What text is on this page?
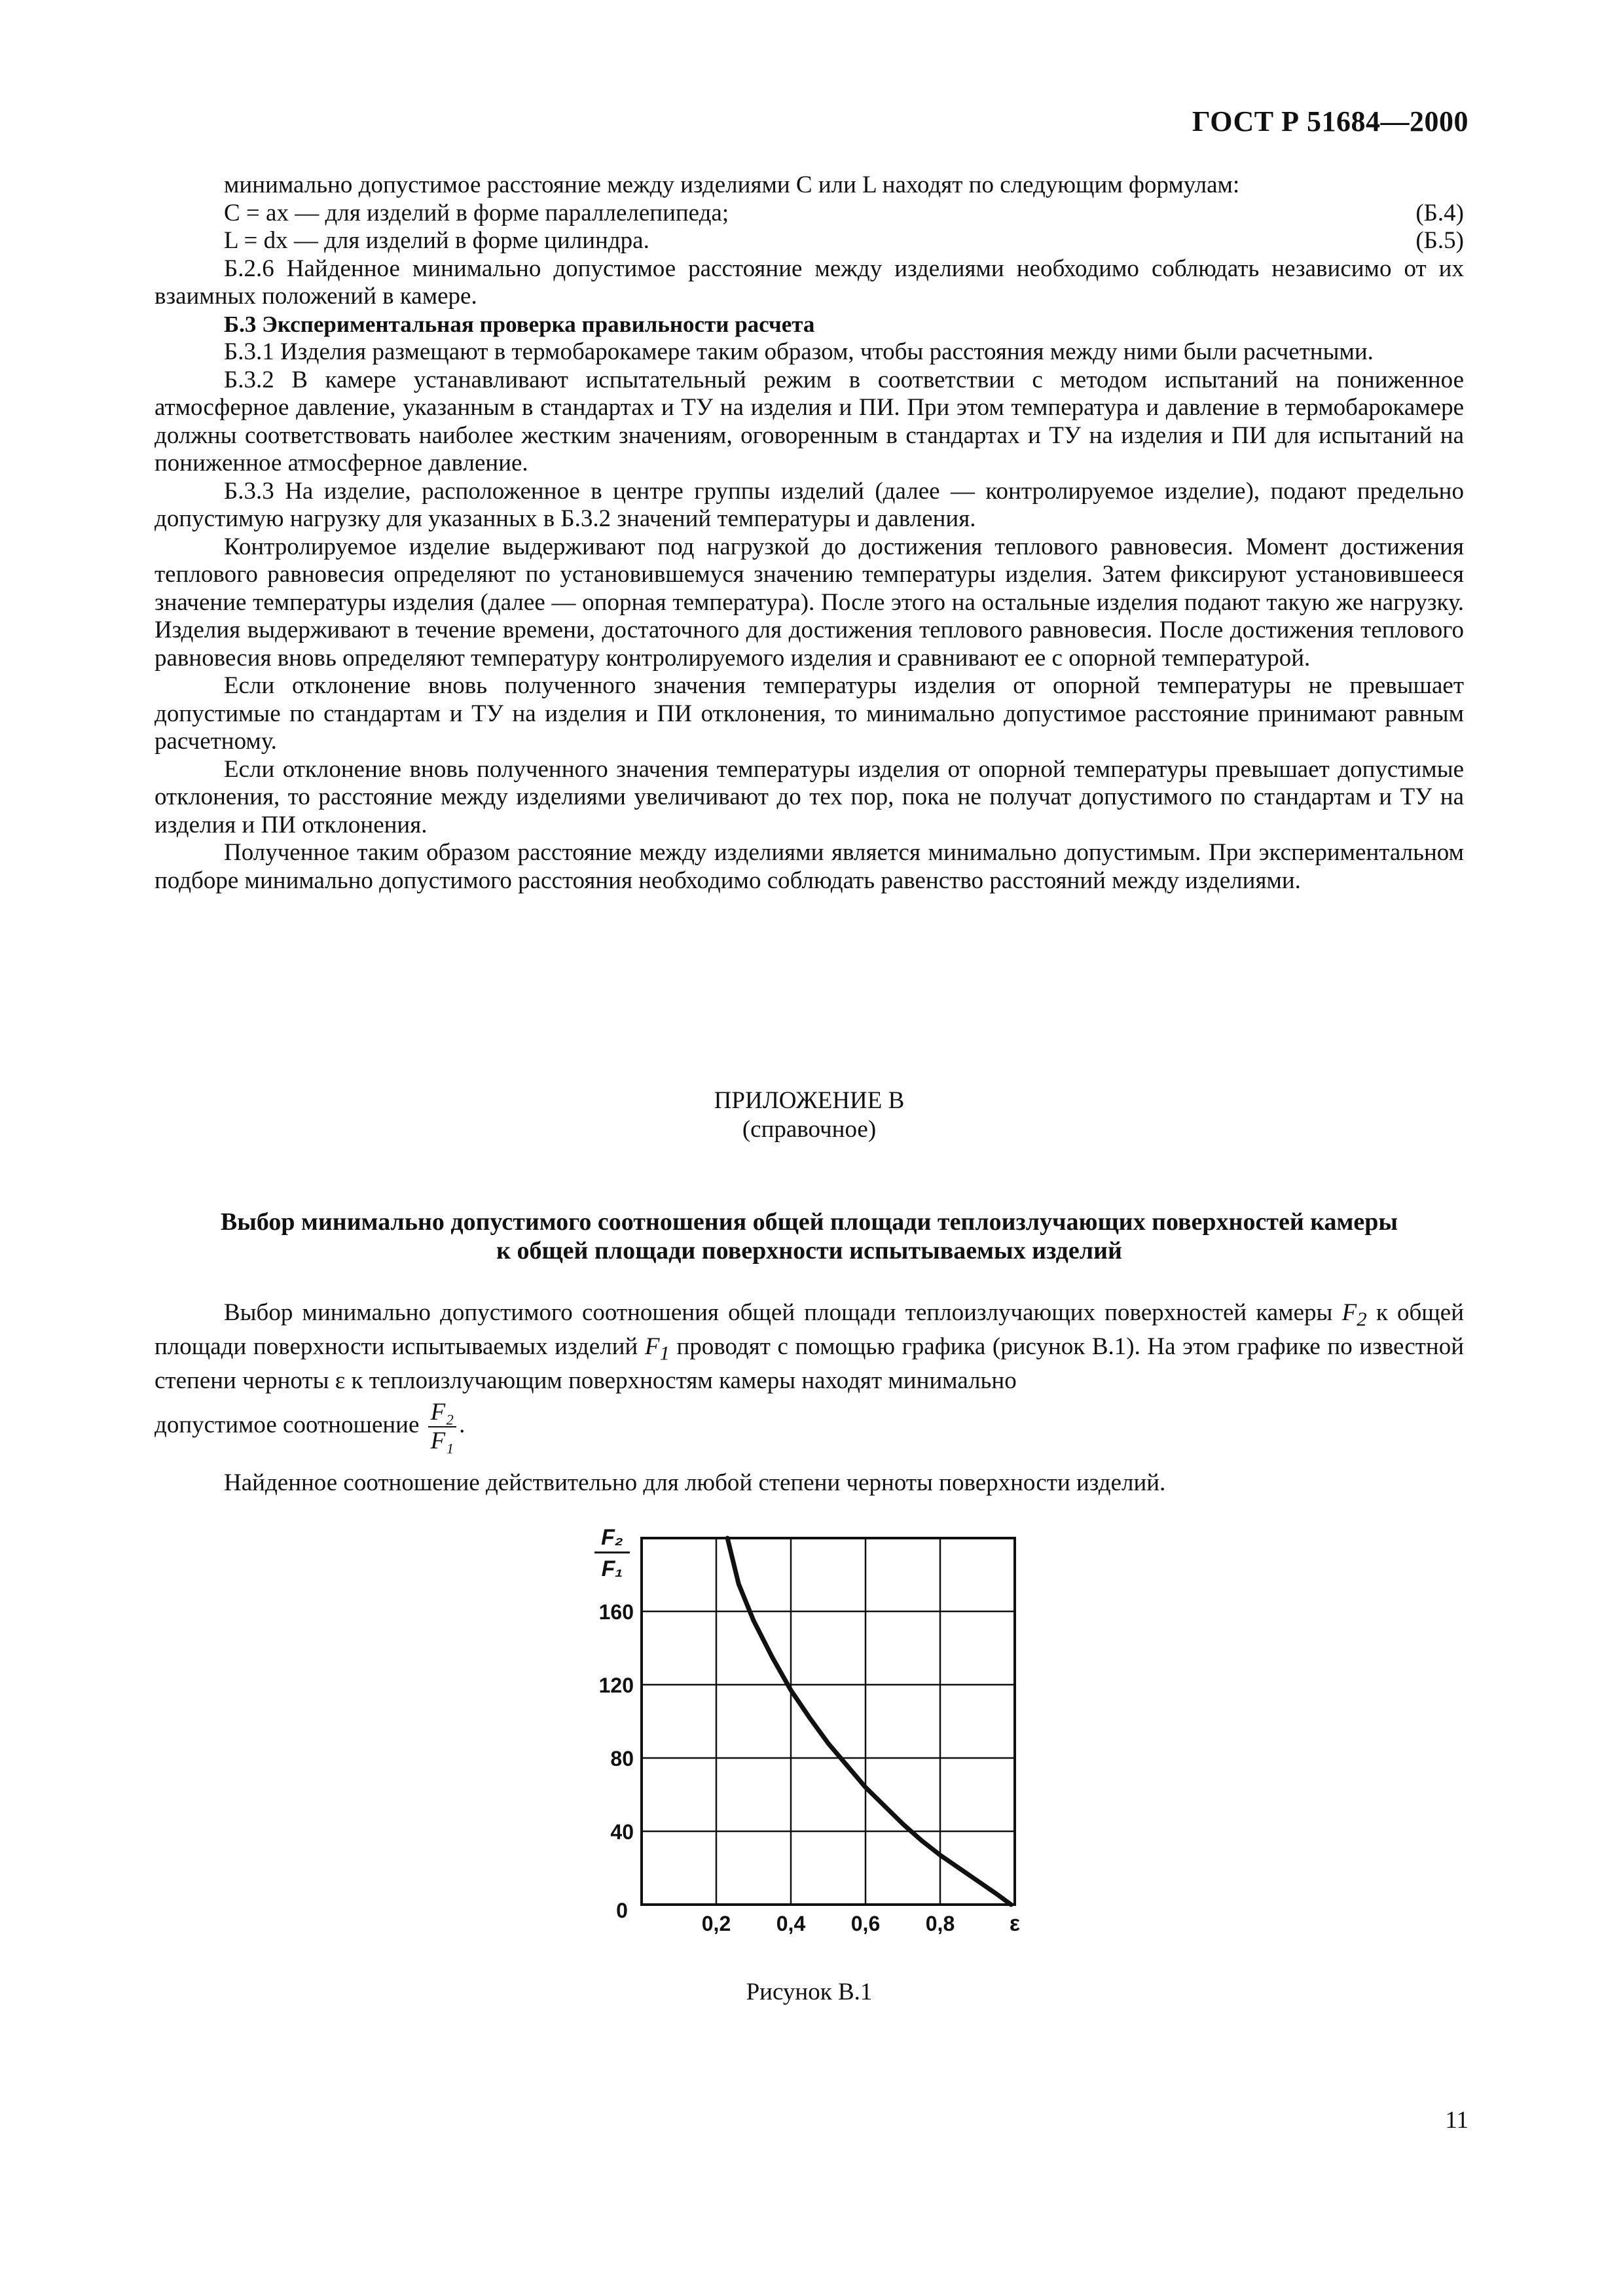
ГОСТ Р 51684—2000

минимально допустимое расстояние между изделиями C или L находят по следующим формулам:

C = ax — для изделий в форме параллелепипеда;	(Б.4)
L = dx — для изделий в форме цилиндра.	(Б.5)

Б.2.6 Найденное минимально допустимое расстояние между изделиями необходимо соблюдать независимо от их взаимных положений в камере.

Б.3 Экспериментальная проверка правильности расчета

Б.3.1 Изделия размещают в термобарокамере таким образом, чтобы расстояния между ними были расчетными.

Б.3.2 В камере устанавливают испытательный режим в соответствии с методом испытаний на пониженное атмосферное давление, указанным в стандартах и ТУ на изделия и ПИ. При этом температура и давление в термобарокамере должны соответствовать наиболее жестким значениям, оговоренным в стандартах и ТУ на изделия и ПИ для испытаний на пониженное атмосферное давление.

Б.3.3 На изделие, расположенное в центре группы изделий (далее — контролируемое изделие), подают предельно допустимую нагрузку для указанных в Б.3.2 значений температуры и давления.

Контролируемое изделие выдерживают под нагрузкой до достижения теплового равновесия. Момент достижения теплового равновесия определяют по установившемуся значению температуры изделия. Затем фиксируют установившееся значение температуры изделия (далее — опорная температура). После этого на остальные изделия подают такую же нагрузку. Изделия выдерживают в течение времени, достаточного для достижения теплового равновесия. После достижения теплового равновесия вновь определяют температуру контролируемого изделия и сравнивают ее с опорной температурой.

Если отклонение вновь полученного значения температуры изделия от опорной температуры не превышает допустимые по стандартам и ТУ на изделия и ПИ отклонения, то минимально допустимое расстояние принимают равным расчетному.

Если отклонение вновь полученного значения температуры изделия от опорной температуры превышает допустимые отклонения, то расстояние между изделиями увеличивают до тех пор, пока не получат допустимого по стандартам и ТУ на изделия и ПИ отклонения.

Полученное таким образом расстояние между изделиями является минимально допустимым. При экспериментальном подборе минимально допустимого расстояния необходимо соблюдать равенство расстояний между изделиями.

ПРИЛОЖЕНИЕ В
(справочное)
Выбор минимально допустимого соотношения общей площади теплоизлучающих поверхностей камеры
к общей площади поверхности испытываемых изделий

Выбор минимально допустимого соотношения общей площади теплоизлучающих поверхностей камеры $F_2$ к общей площади поверхности испытываемых изделий $F_1$ проводят с помощью графика (рисунок В.1). На этом графике по известной степени черноты ε к теплоизлучающим поверхностям камеры находят минимально

допустимое соотношение $\frac{\text{F₂}}{\text{F₁}}$ .

Найденное соотношение действительно для любой степени черноты поверхности изделий.

0,2 0,4 0,6 0,8 ε
0
160
120
80
40
F₂
F₁
Рисунок В.1
11
